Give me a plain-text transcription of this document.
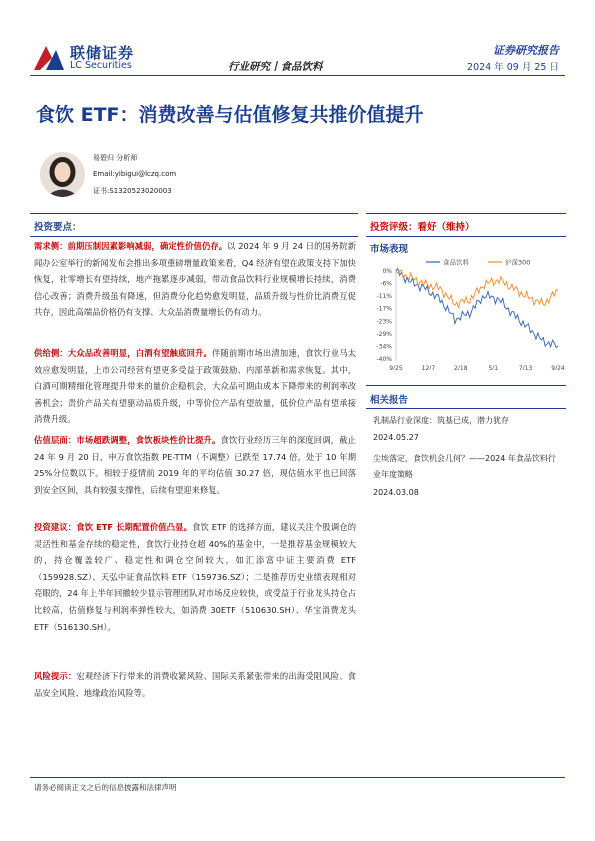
联储证券
LC Securities	行业研究丨食品饮料
证券研究报告
2024 年 09 月 25 日
食饮 ETF：消费改善与估值修复共推价值提升
易碧归 分析师
Email:yibigui@lczq.com
证书:S1320523020003
投资要点：
需求侧：前期压制因素影响减弱，确定性价值仍存。以 2024 年 9 月 24 日的国务院新闻办公室举行的新闻发布会推出多项重磅增量政策来看，Q4 经济有望在政策支持下加快恢复，社零增长有望持续，地产拖累逐步减弱，带动食品饮料行业规模增长持续，消费信心改善；消费升级虽有降速，但消费分化趋势愈发明显，品质升级与性价比消费互促共存，因此高端品价格仍有支撑、大众品消费量增长仍有动力。
供给侧：大众品改善明显，白酒有望触底回升。伴随前期市场出清加速，食饮行业马太效应愈发明显，上市公司经营有望更多受益于政策鼓励、内部革新和需求恢复。其中，白酒可期精细化管理提升带来的量价企稳机会，大众品可期由成本下降带来的利润率改善机会；责价产品关有望驱动品质升级，中等价位产品有望放量，低价位产品有望承接消费升级。
估值层面：市场超跌调整，食饮板块性价比提升。食饮行业经历三年的深度回调，截止 24 年 9 月 20 日，申万食饮指数 PE-TTM（不调整）已跌至 17.74 倍，处于 10 年期 25%分位数以下。相较于疫情前 2019 年的平均估值 30.27 倍，现估值水平也已回落到安全区间，具有较强支撑性，后续有望迎来修复。
投资建议：食饮 ETF 长期配置价值凸显。食饮 ETF 的选择方面，建议关注个股调仓的灵活性和基金存续的稳定性，食饮行业持仓超 40%的基金中，一是推荐基金规模较大的，持仓覆盖较广、稳定性和调仓空间较大，如汇添富中证主要消费 ETF（159928.SZ）、天弘中证食品饮料 ETF（159736.SZ）；二是推荐历史业绩表现相对亮眼的，24 年上半年回撤较少显示管理团队对市场反应较快，或受益于行业龙头持仓占比较高，估值修复与利润率弹性较大，如消费 30ETF（510630.SH）、华宝消费龙头 ETF（516130.SH）。
风险提示：宏观经济下行带来的消费收紧风险、国际关系紧张带来的出海受阻风险、食品安全风险、地缘政治风险等。
投资评级：看好（维持）
市场表现
食品饮料	沪深300
0%
-6%
-11%
-17%
-23%
-29%
-34%
-40%
9/25	12/7	2/18	5/1	7/13	9/24
相关报告
乳制品行业深度：筑基已成，潜力犹存
2024.05.27
尘埃落定，食饮机会几何？——2024 年食品饮料行业年度策略
2024.03.08
请务必阅读正文之后的信息披露和法律声明
